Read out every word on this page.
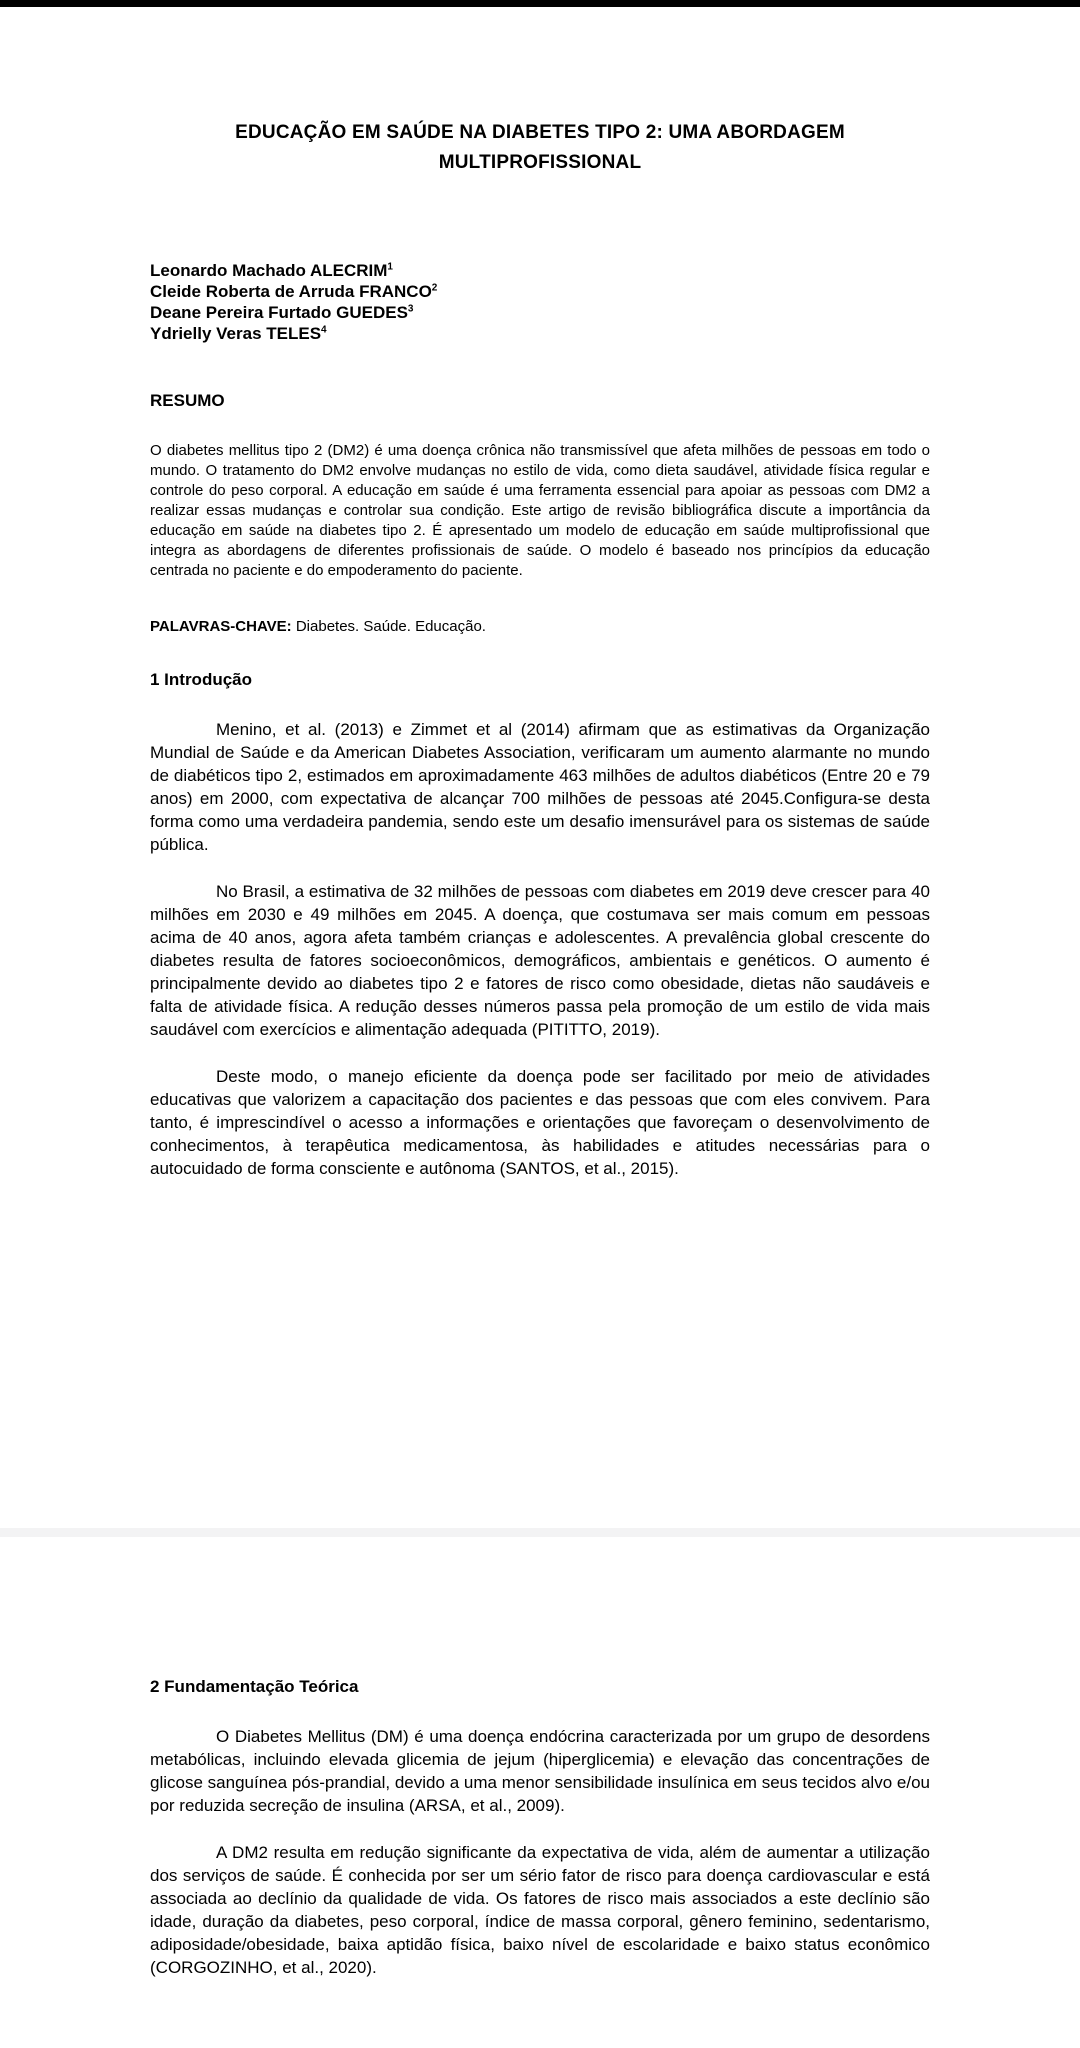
EDUCAÇÃO EM SAÚDE NA DIABETES TIPO 2: UMA ABORDAGEM MULTIPROFISSIONAL
Leonardo Machado ALECRIM$^1$
Cleide Roberta de Arruda FRANCO$^2$
Deane Pereira Furtado GUEDES$^3$
Ydrielly Veras TELES$^4$
RESUMO

O diabetes mellitus tipo 2 (DM2) é uma doença crônica não transmissível que afeta milhões de pessoas em todo o mundo. O tratamento do DM2 envolve mudanças no estilo de vida, como dieta saudável, atividade física regular e controle do peso corporal. A educação em saúde é uma ferramenta essencial para apoiar as pessoas com DM2 a realizar essas mudanças e controlar sua condição. Este artigo de revisão bibliográfica discute a importância da educação em saúde na diabetes tipo 2. É apresentado um modelo de educação em saúde multiprofissional que integra as abordagens de diferentes profissionais de saúde. O modelo é baseado nos princípios da educação centrada no paciente e do empoderamento do paciente.

PALAVRAS-CHAVE: Diabetes. Saúde. Educação.

1 Introdução

Menino, et al. (2013) e Zimmet et al (2014) afirmam que as estimativas da Organização Mundial de Saúde e da American Diabetes Association, verificaram um aumento alarmante no mundo de diabéticos tipo 2, estimados em aproximadamente 463 milhões de adultos diabéticos (Entre 20 e 79 anos) em 2000, com expectativa de alcançar 700 milhões de pessoas até 2045.Configura-se desta forma como uma verdadeira pandemia, sendo este um desafio imensurável para os sistemas de saúde pública.

No Brasil, a estimativa de 32 milhões de pessoas com diabetes em 2019 deve crescer para 40 milhões em 2030 e 49 milhões em 2045. A doença, que costumava ser mais comum em pessoas acima de 40 anos, agora afeta também crianças e adolescentes. A prevalência global crescente do diabetes resulta de fatores socioeconômicos, demográficos, ambientais e genéticos. O aumento é principalmente devido ao diabetes tipo 2 e fatores de risco como obesidade, dietas não saudáveis e falta de atividade física. A redução desses números passa pela promoção de um estilo de vida mais saudável com exercícios e alimentação adequada (PITITTO, 2019).

Deste modo, o manejo eficiente da doença pode ser facilitado por meio de atividades educativas que valorizem a capacitação dos pacientes e das pessoas que com eles convivem. Para tanto, é imprescindível o acesso a informações e orientações que favoreçam o desenvolvimento de conhecimentos, à terapêutica medicamentosa, às habilidades e atitudes necessárias para o autocuidado de forma consciente e autônoma (SANTOS, et al., 2015).

2 Fundamentação Teórica

O Diabetes Mellitus (DM) é uma doença endócrina caracterizada por um grupo de desordens metabólicas, incluindo elevada glicemia de jejum (hiperglicemia) e elevação das concentrações de glicose sanguínea pós-prandial, devido a uma menor sensibilidade insulínica em seus tecidos alvo e/ou por reduzida secreção de insulina (ARSA, et al., 2009).

A DM2 resulta em redução significante da expectativa de vida, além de aumentar a utilização dos serviços de saúde. É conhecida por ser um sério fator de risco para doença cardiovascular e está associada ao declínio da qualidade de vida. Os fatores de risco mais associados a este declínio são idade, duração da diabetes, peso corporal, índice de massa corporal, gênero feminino, sedentarismo, adiposidade/obesidade, baixa aptidão física, baixo nível de escolaridade e baixo status econômico (CORGOZINHO, et al., 2020).
